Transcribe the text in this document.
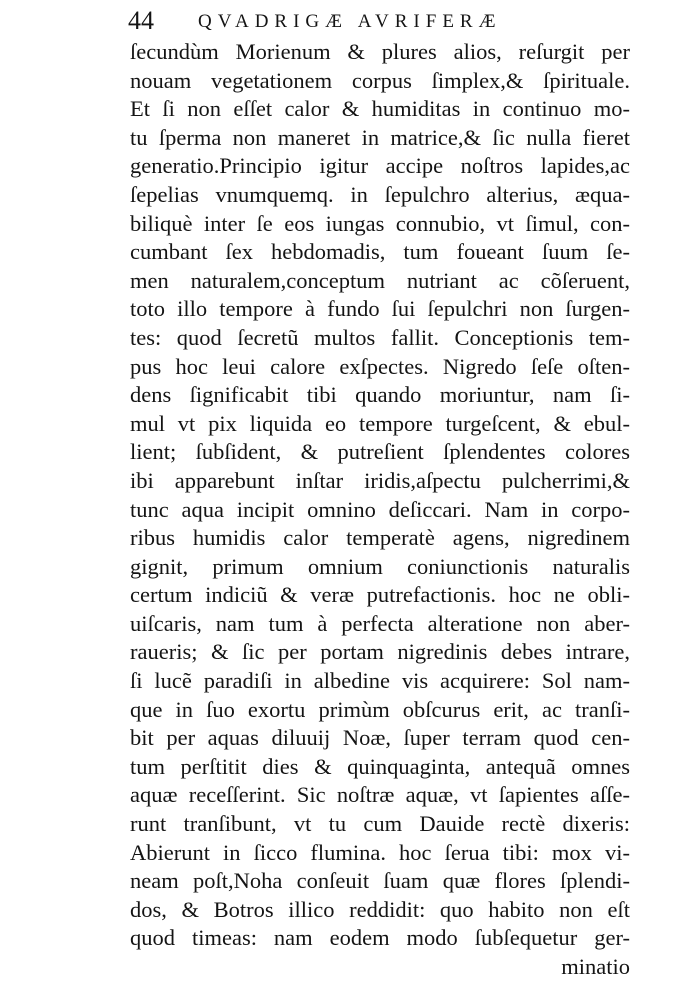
44 QVADRIGÆ AVRIFERÆ
ſecundùm Morienum & plures alios, reſurgit per
nouam vegetationem corpus ſimplex,& ſpirituale.
Et ſi non eſſet calor & humiditas in continuo mo-
tu ſperma non maneret in matrice,& ſic nulla fieret
generatio.Principio igitur accipe noſtros lapides,ac
ſepelias vnumquemq. in ſepulchro alterius, æqua-
biliquè inter ſe eos iungas connubio, vt ſimul, con-
cumbant ſex hebdomadis, tum foueant ſuum ſe-
men naturalem,conceptum nutriant ac cõſeruent,
toto illo tempore à fundo ſui ſepulchri non ſurgen-
tes: quod ſecretũ multos fallit. Conceptionis tem-
pus hoc leui calore exſpectes. Nigredo ſeſe oſten-
dens ſignificabit tibi quando moriuntur, nam ſi-
mul vt pix liquida eo tempore turgeſcent, & ebul-
lient; ſubſident, & putreſient ſplendentes colores
ibi apparebunt inſtar iridis,aſpectu pulcherrimi,&
tunc aqua incipit omnino deſiccari. Nam in corpo-
ribus humidis calor temperatè agens, nigredinem
gignit, primum omnium coniunctionis naturalis
certum indiciũ & veræ putrefactionis. hoc ne obli-
uiſcaris, nam tum à perfecta alteratione non aber-
raueris; & ſic per portam nigredinis debes intrare,
ſi lucẽ paradiſi in albedine vis acquirere: Sol nam-
que in ſuo exortu primùm obſcurus erit, ac tranſi-
bit per aquas diluuij Noæ, ſuper terram quod cen-
tum perſtitit dies & quinquaginta, antequã omnes
aquæ receſſerint. Sic noſtræ aquæ, vt ſapientes aſſe-
runt tranſibunt, vt tu cum Dauide rectè dixeris:
Abierunt in ſicco flumina. hoc ſerua tibi: mox vi-
neam poſt,Noha conſeuit ſuam quæ flores ſplendi-
dos, & Botros illico reddidit: quo habito non eſt
quod timeas: nam eodem modo ſubſequetur ger-
minatio
